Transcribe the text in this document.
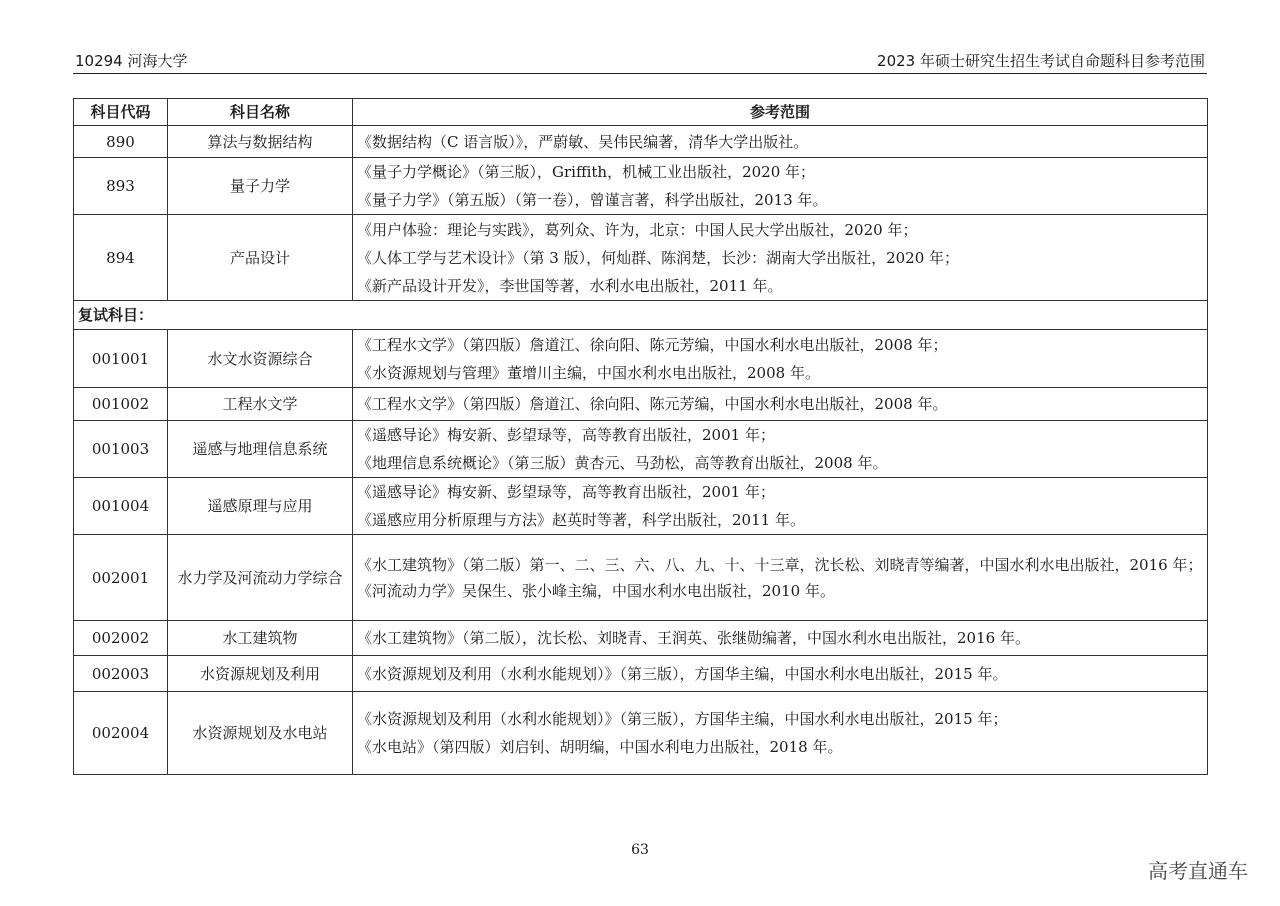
10294 河海大学	2023 年硕士研究生招生考试自命题科目参考范围
科目代码	科目名称	参考范围
890	算法与数据结构	《数据结构（C 语言版）》，严蔚敏、吴伟民编著，清华大学出版社。

893	量子力学	《量子力学概论》（第三版），Griffith，机械工业出版社，2020 年；
《量子力学》（第五版）（第一卷），曾谨言著，科学出版社，2013 年。

894	产品设计	《用户体验：理论与实践》，葛列众、许为，北京：中国人民大学出版社，2020 年；
《人体工学与艺术设计》（第 3 版），何灿群、陈润楚，长沙：湖南大学出版社，2020 年；
《新产品设计开发》，李世国等著，水利水电出版社，2011 年。

复试科目：		
001001	水文水资源综合	《工程水文学》（第四版）詹道江、徐向阳、陈元芳编，中国水利水电出版社，2008 年；
《水资源规划与管理》董增川主编，中国水利水电出版社，2008 年。

001002	工程水文学	《工程水文学》（第四版）詹道江、徐向阳、陈元芳编，中国水利水电出版社，2008 年。

001003	遥感与地理信息系统	《遥感导论》梅安新、彭望琭等，高等教育出版社，2001 年；
《地理信息系统概论》（第三版）黄杏元、马劲松，高等教育出版社，2008 年。

001004	遥感原理与应用	《遥感导论》梅安新、彭望琭等，高等教育出版社，2001 年；
《遥感应用分析原理与方法》赵英时等著，科学出版社，2011 年。

002001	水力学及河流动力学综合	《水工建筑物》（第二版）第一、二、三、六、八、九、十、十三章，沈长松、刘晓青等编著，中国水利水电出版社，2016 年；
《河流动力学》吴保生、张小峰主编，中国水利水电出版社，2010 年。

002002	水工建筑物	《水工建筑物》（第二版），沈长松、刘晓青、王润英、张继勋编著，中国水利水电出版社，2016 年。

002003	水资源规划及利用	《水资源规划及利用（水利水能规划）》（第三版），方国华主编，中国水利水电出版社，2015 年。

002004	水资源规划及水电站	《水资源规划及利用（水利水能规划）》（第三版），方国华主编，中国水利水电出版社，2015 年；
《水电站》（第四版）刘启钊、胡明编，中国水利电力出版社，2018 年。
63
高考直通车
